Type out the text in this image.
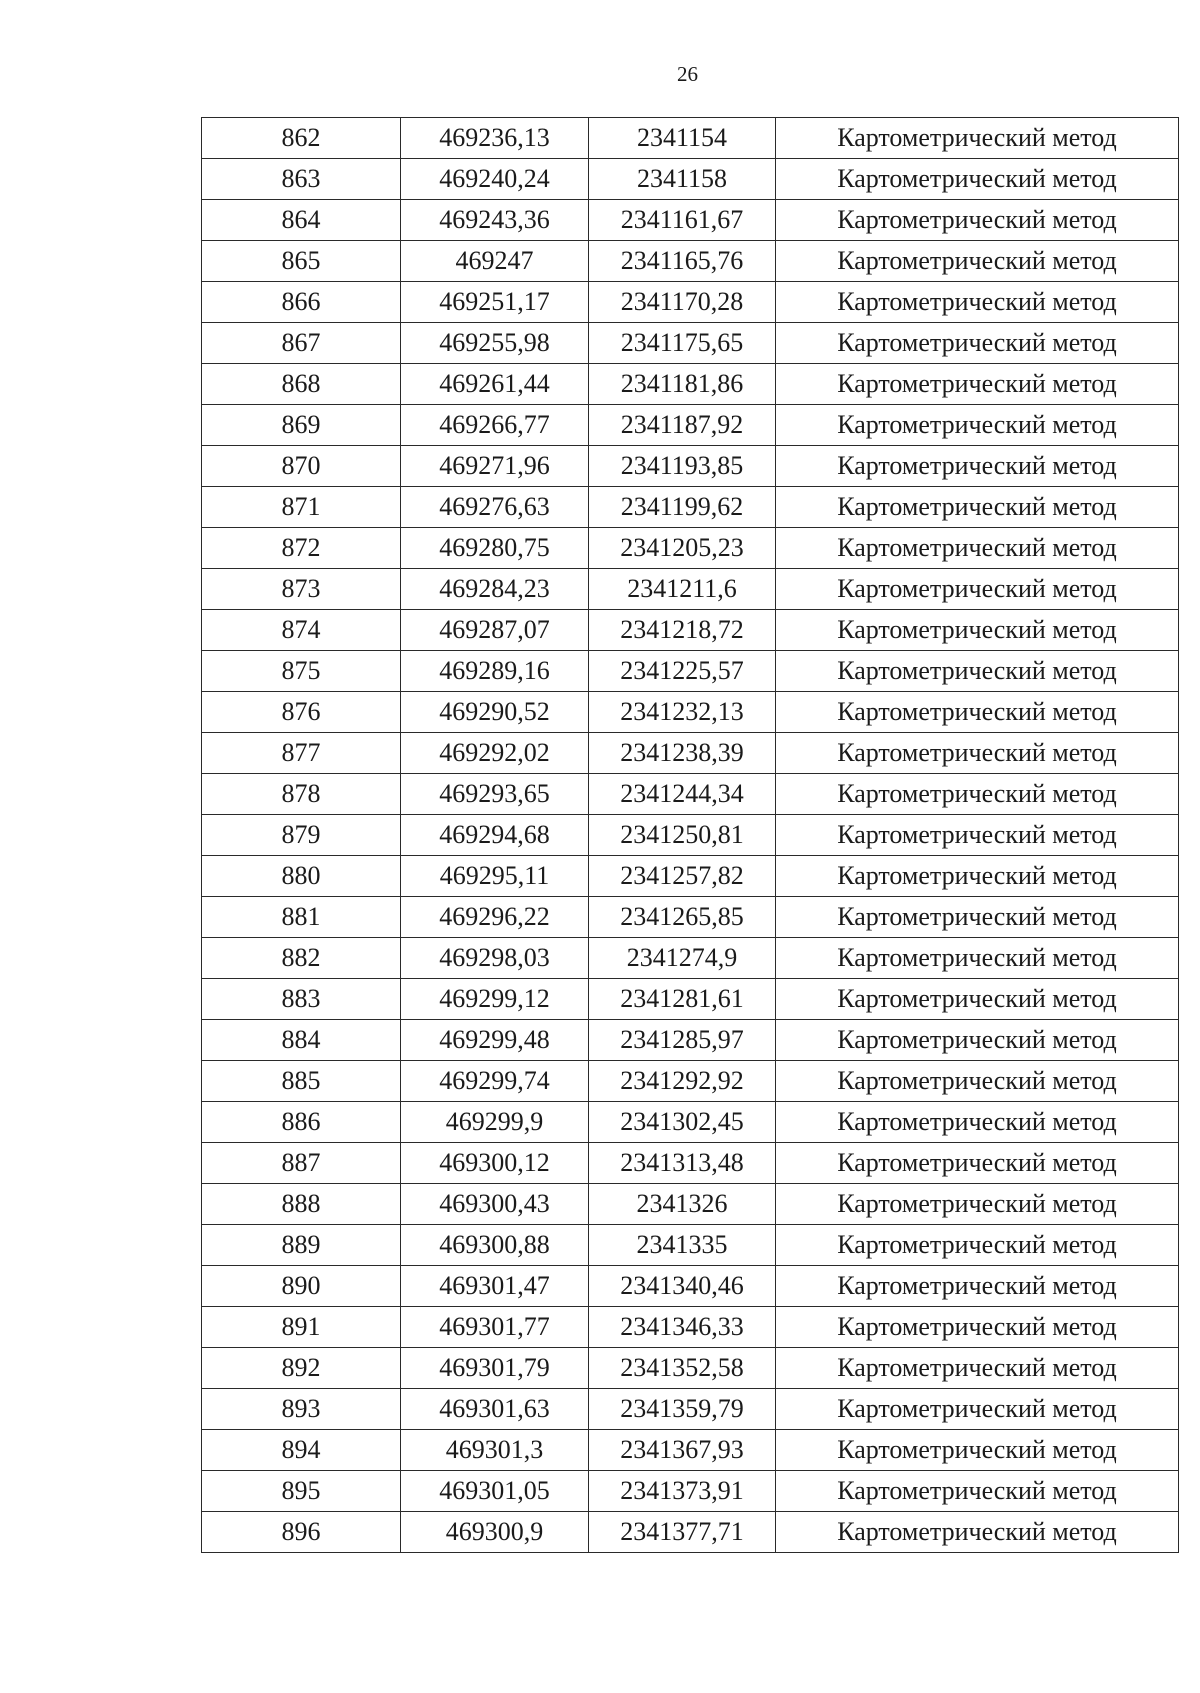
26
862	469236,13	2341154	Картометрический метод
863	469240,24	2341158	Картометрический метод
864	469243,36	2341161,67	Картометрический метод
865	469247	2341165,76	Картометрический метод
866	469251,17	2341170,28	Картометрический метод
867	469255,98	2341175,65	Картометрический метод
868	469261,44	2341181,86	Картометрический метод
869	469266,77	2341187,92	Картометрический метод
870	469271,96	2341193,85	Картометрический метод
871	469276,63	2341199,62	Картометрический метод
872	469280,75	2341205,23	Картометрический метод
873	469284,23	2341211,6	Картометрический метод
874	469287,07	2341218,72	Картометрический метод
875	469289,16	2341225,57	Картометрический метод
876	469290,52	2341232,13	Картометрический метод
877	469292,02	2341238,39	Картометрический метод
878	469293,65	2341244,34	Картометрический метод
879	469294,68	2341250,81	Картометрический метод
880	469295,11	2341257,82	Картометрический метод
881	469296,22	2341265,85	Картометрический метод
882	469298,03	2341274,9	Картометрический метод
883	469299,12	2341281,61	Картометрический метод
884	469299,48	2341285,97	Картометрический метод
885	469299,74	2341292,92	Картометрический метод
886	469299,9	2341302,45	Картометрический метод
887	469300,12	2341313,48	Картометрический метод
888	469300,43	2341326	Картометрический метод
889	469300,88	2341335	Картометрический метод
890	469301,47	2341340,46	Картометрический метод
891	469301,77	2341346,33	Картометрический метод
892	469301,79	2341352,58	Картометрический метод
893	469301,63	2341359,79	Картометрический метод
894	469301,3	2341367,93	Картометрический метод
895	469301,05	2341373,91	Картометрический метод
896	469300,9	2341377,71	Картометрический метод
